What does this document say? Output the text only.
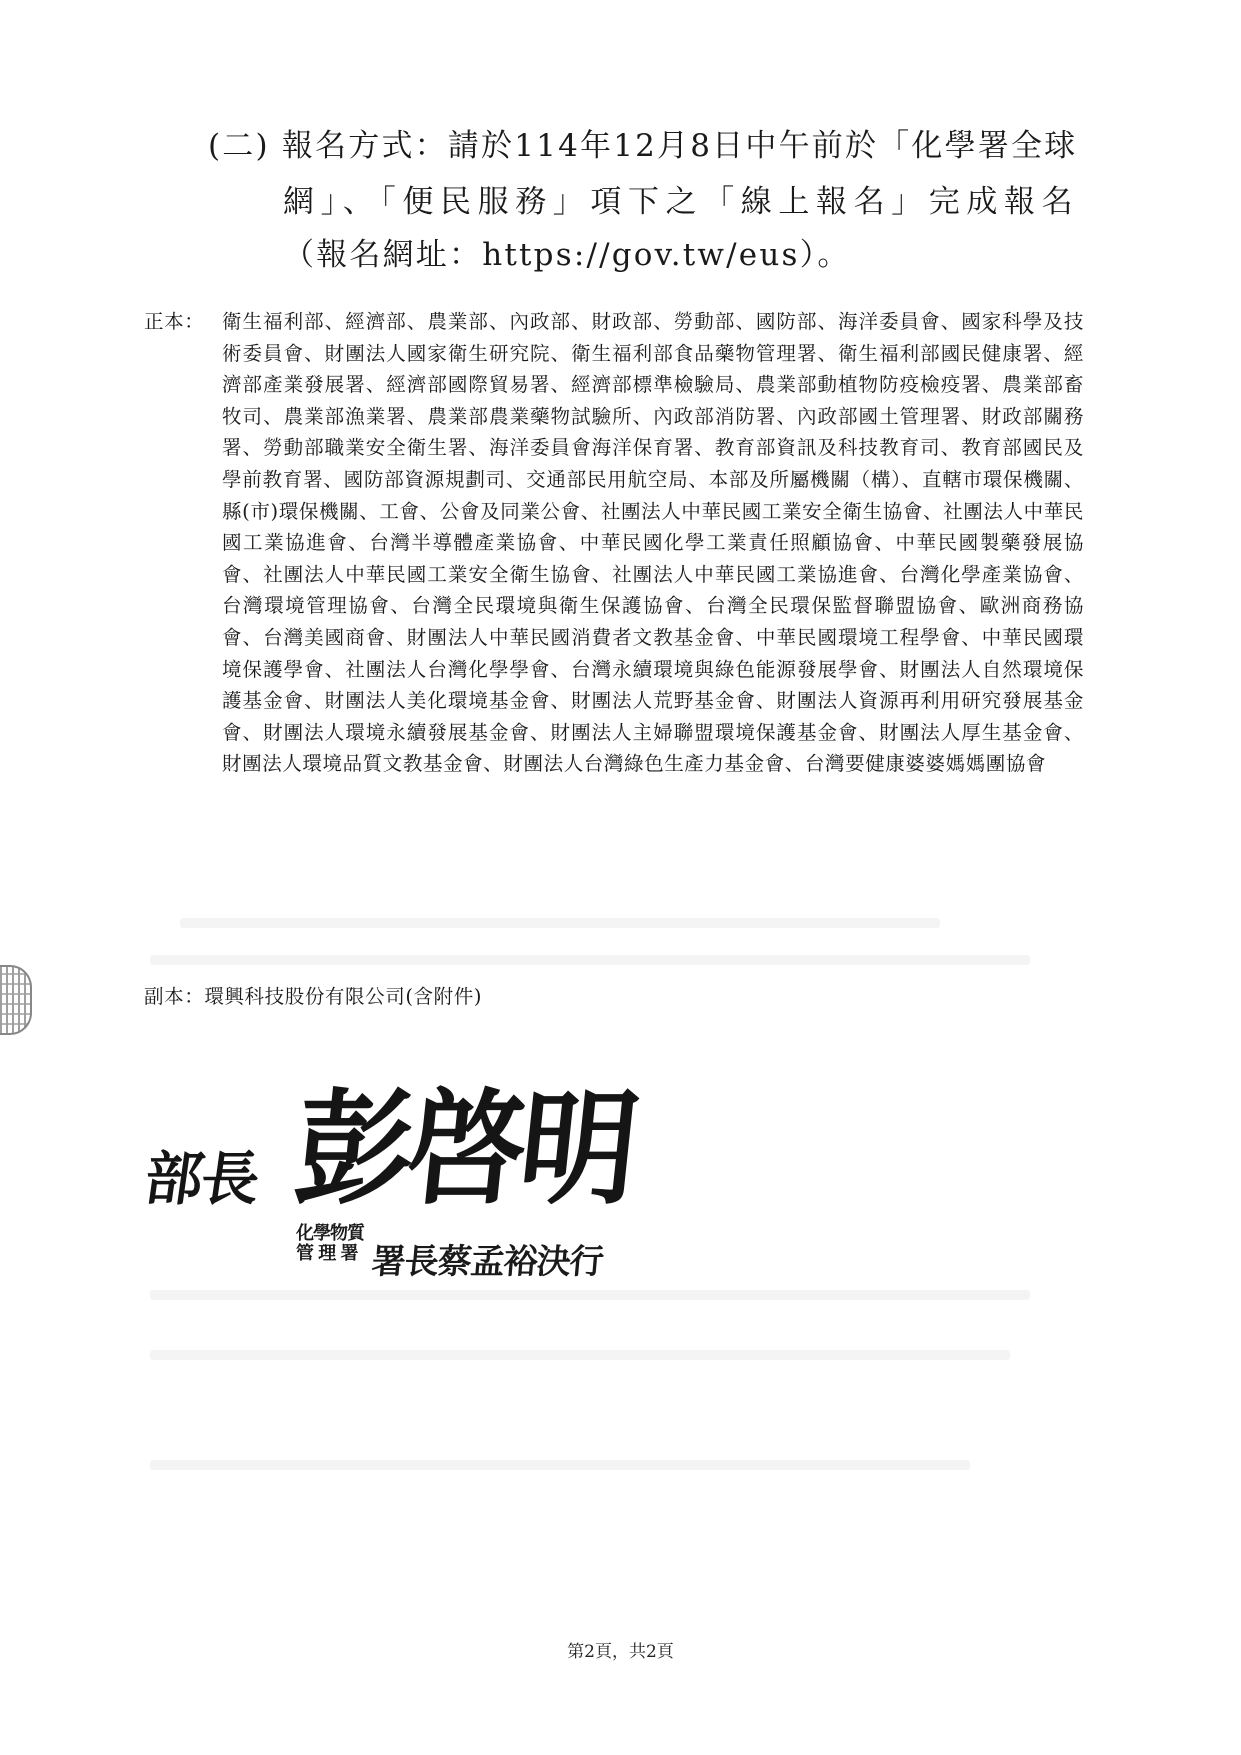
(二) 報名方式：請於114年12月8日中午前於「化學署全球
網」、「便民服務」項下之「線上報名」完成報名
（報名網址：https://gov.tw/eus）。
正本： 衛生福利部、經濟部、農業部、內政部、財政部、勞動部、國防部、海洋委員會、國家科學及技術委員會、財團法人國家衛生研究院、衛生福利部食品藥物管理署、衛生福利部國民健康署、經濟部產業發展署、經濟部國際貿易署、經濟部標準檢驗局、農業部動植物防疫檢疫署、農業部畜牧司、農業部漁業署、農業部農業藥物試驗所、內政部消防署、內政部國土管理署、財政部關務署、勞動部職業安全衛生署、海洋委員會海洋保育署、教育部資訊及科技教育司、教育部國民及學前教育署、國防部資源規劃司、交通部民用航空局、本部及所屬機關（構）、直轄市環保機關、縣(市)環保機關、工會、公會及同業公會、社團法人中華民國工業安全衛生協會、社團法人中華民國工業協進會、台灣半導體產業協會、中華民國化學工業責任照顧協會、中華民國製藥發展協會、社團法人中華民國工業安全衛生協會、社團法人中華民國工業協進會、台灣化學產業協會、台灣環境管理協會、台灣全民環境與衛生保護協會、台灣全民環保監督聯盟協會、歐洲商務協會、台灣美國商會、財團法人中華民國消費者文教基金會、中華民國環境工程學會、中華民國環境保護學會、社團法人台灣化學學會、台灣永續環境與綠色能源發展學會、財團法人自然環境保護基金會、財團法人美化環境基金會、財團法人荒野基金會、財團法人資源再利用研究發展基金會、財團法人環境永續發展基金會、財團法人主婦聯盟環境保護基金會、財團法人厚生基金會、財團法人環境品質文教基金會、財團法人台灣綠色生產力基金會、台灣要健康婆婆媽媽團協會
副本：環興科技股份有限公司(含附件)
部長 彭啓明
化學物質
管 理 署 署長蔡孟裕決行
第2頁，共2頁
